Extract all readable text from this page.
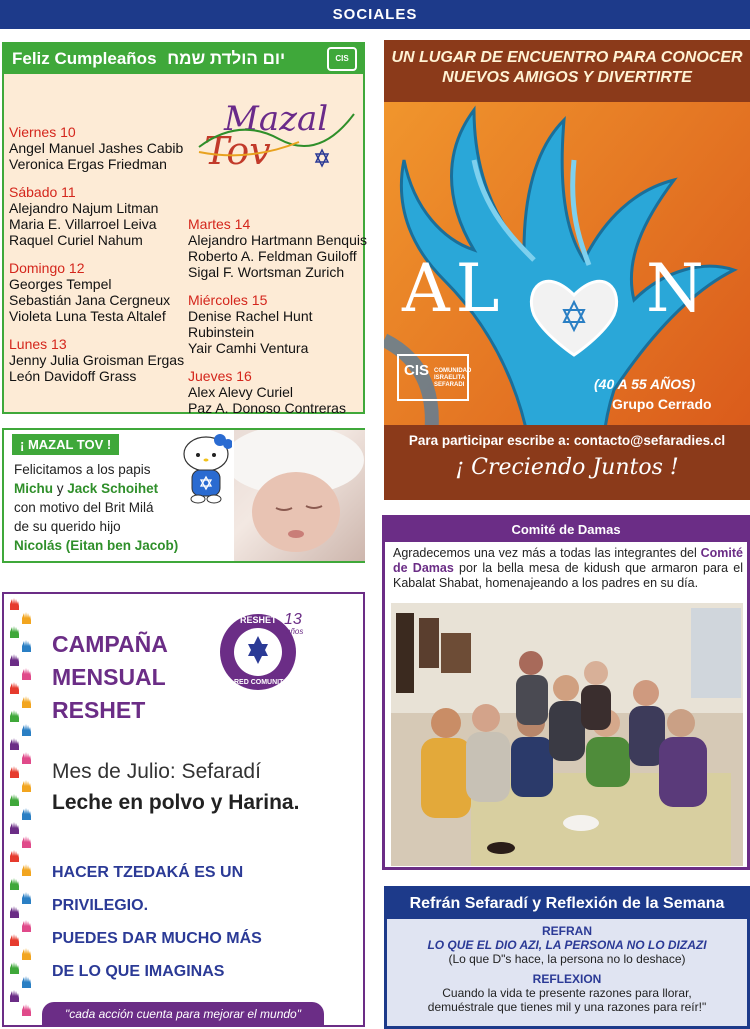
SOCIALES
Feliz Cumpleaños יום הולדת שמח	CIS
Mazal
Tov
Viernes 10
Angel Manuel Jashes Cabib
Veronica Ergas Friedman
Sábado 11
Alejandro Najum Litman
Maria E. Villarroel Leiva
Raquel Curiel Nahum
Domingo 12
Georges Tempel
Sebastián Jana Cergneux
Violeta Luna Testa Altalef
Lunes 13
Jenny Julia Groisman Ergas
León Davidoff Grass
Martes 14
Alejandro Hartmann Benquis
Roberto A. Feldman Guiloff
Sigal F. Wortsman Zurich
Miércoles 15
Denise Rachel Hunt Rubinstein
Yair Camhi Ventura
Jueves 16
Alex Alevy Curiel
Paz A. Donoso Contreras
¡ MAZAL TOV !
Felicitamos a los papis
Michu y Jack Schoihet
con motivo del Brit Milá
de su querido hijo
Nicolás (Eitan ben Jacob)
CAMPAÑA
MENSUAL
RESHET
RESHET
RED COMUNITARIA
13
años
Mes de Julio: Sefaradí
Leche en polvo y Harina.
HACER TZEDAKÁ ES UN
PRIVILEGIO.
PUEDES DAR MUCHO MÁS
DE LO QUE IMAGINAS
"cada acción cuenta para mejorar el mundo"
UN LUGAR DE ENCUENTRO PARA CONOCER
NUEVOS AMIGOS Y DIVERTIRTE
AL N
CIS COMUNIDAD
ISRAELITA
SEFARADI	(40 A 55 AÑOS)
Grupo Cerrado
Para participar escribe a: contacto@sefaradies.cl
¡ Creciendo Juntos !
Comité de Damas
Agradecemos una vez más a todas las integrantes del Comité de Damas por la bella mesa de kidush que armaron para el Kabalat Shabat, homenajeando a los padres en su día.
Refrán Sefaradí y Reflexión de la Semana
REFRAN
LO QUE EL DIO AZI, LA PERSONA NO LO DIZAZI
(Lo que D"s hace, la persona no lo deshace)
REFLEXION
Cuando la vida te presente razones para llorar,
demuéstrale que tienes mil y una razones para reír!"
